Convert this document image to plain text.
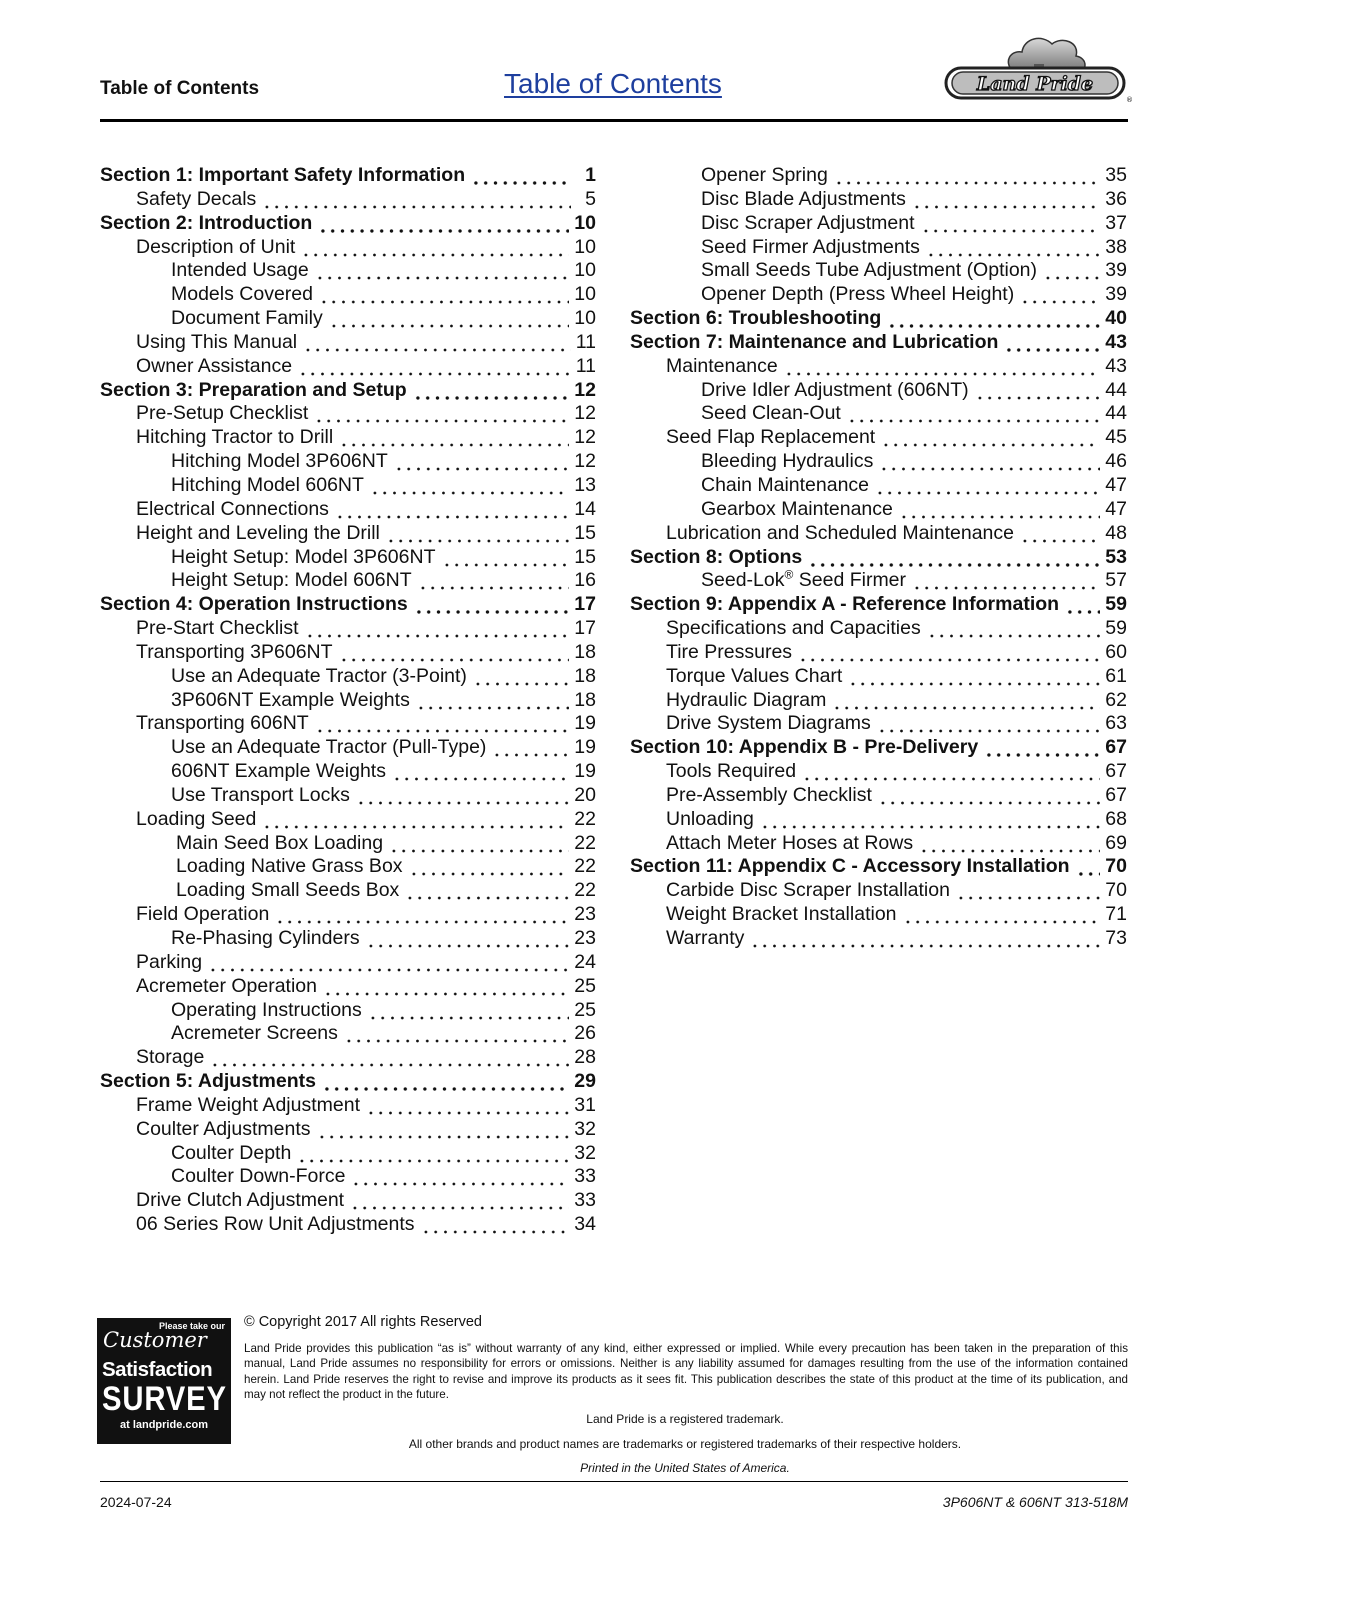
Table of Contents	Table of Contents	Land Pride
®
Section 1: Important Safety Information	1
Safety Decals	5
Section 2: Introduction	10
Description of Unit	10
Intended Usage	10
Models Covered	10
Document Family	10
Using This Manual	11
Owner Assistance	11
Section 3: Preparation and Setup	12
Pre-Setup Checklist	12
Hitching Tractor to Drill	12
Hitching Model 3P606NT	12
Hitching Model 606NT	13
Electrical Connections	14
Height and Leveling the Drill	15
Height Setup: Model 3P606NT	15
Height Setup: Model 606NT	16
Section 4: Operation Instructions	17
Pre-Start Checklist	17
Transporting 3P606NT	18
Use an Adequate Tractor (3-Point)	18
3P606NT Example Weights	18
Transporting 606NT	19
Use an Adequate Tractor (Pull-Type)	19
606NT Example Weights	19
Use Transport Locks	20
Loading Seed	22
Main Seed Box Loading	22
Loading Native Grass Box	22
Loading Small Seeds Box	22
Field Operation	23
Re-Phasing Cylinders	23
Parking	24
Acremeter Operation	25
Operating Instructions	25
Acremeter Screens	26
Storage	28
Section 5: Adjustments	29
Frame Weight Adjustment	31
Coulter Adjustments	32
Coulter Depth	32
Coulter Down-Force	33
Drive Clutch Adjustment	33
06 Series Row Unit Adjustments	34
Opener Spring	35
Disc Blade Adjustments	36
Disc Scraper Adjustment	37
Seed Firmer Adjustments	38
Small Seeds Tube Adjustment (Option)	39
Opener Depth (Press Wheel Height)	39
Section 6: Troubleshooting	40
Section 7: Maintenance and Lubrication	43
Maintenance	43
Drive Idler Adjustment (606NT)	44
Seed Clean-Out	44
Seed Flap Replacement	45
Bleeding Hydraulics	46
Chain Maintenance	47
Gearbox Maintenance	47
Lubrication and Scheduled Maintenance	48
Section 8: Options	53
Seed-Lok® Seed Firmer	57
Section 9: Appendix A - Reference Information 59
Specifications and Capacities	59
Tire Pressures	60
Torque Values Chart	61
Hydraulic Diagram	62
Drive System Diagrams	63
Section 10: Appendix B - Pre-Delivery	67
Tools Required	67
Pre-Assembly Checklist	67
Unloading	68
Attach Meter Hoses at Rows	69
Section 11: Appendix C - Accessory Installation 70
Carbide Disc Scraper Installation	70
Weight Bracket Installation	71
Warranty	73
Please take our
Customer
Satisfaction
SURVEY
at landpride.com
© Copyright 2017 All rights Reserved
Land Pride provides this publication “as is” without warranty of any kind, either expressed or implied. While every precaution has been taken in the preparation of this manual, Land Pride assumes no responsibility for errors or omissions. Neither is any liability assumed for damages resulting from the use of the information contained herein. Land Pride reserves the right to revise and improve its products as it sees fit. This publication describes the state of this product at the time of its publication, and may not reflect the product in the future.
Land Pride is a registered trademark.
All other brands and product names are trademarks or registered trademarks of their respective holders.
Printed in the United States of America.
2024-07-24	3P606NT & 606NT 313-518M
